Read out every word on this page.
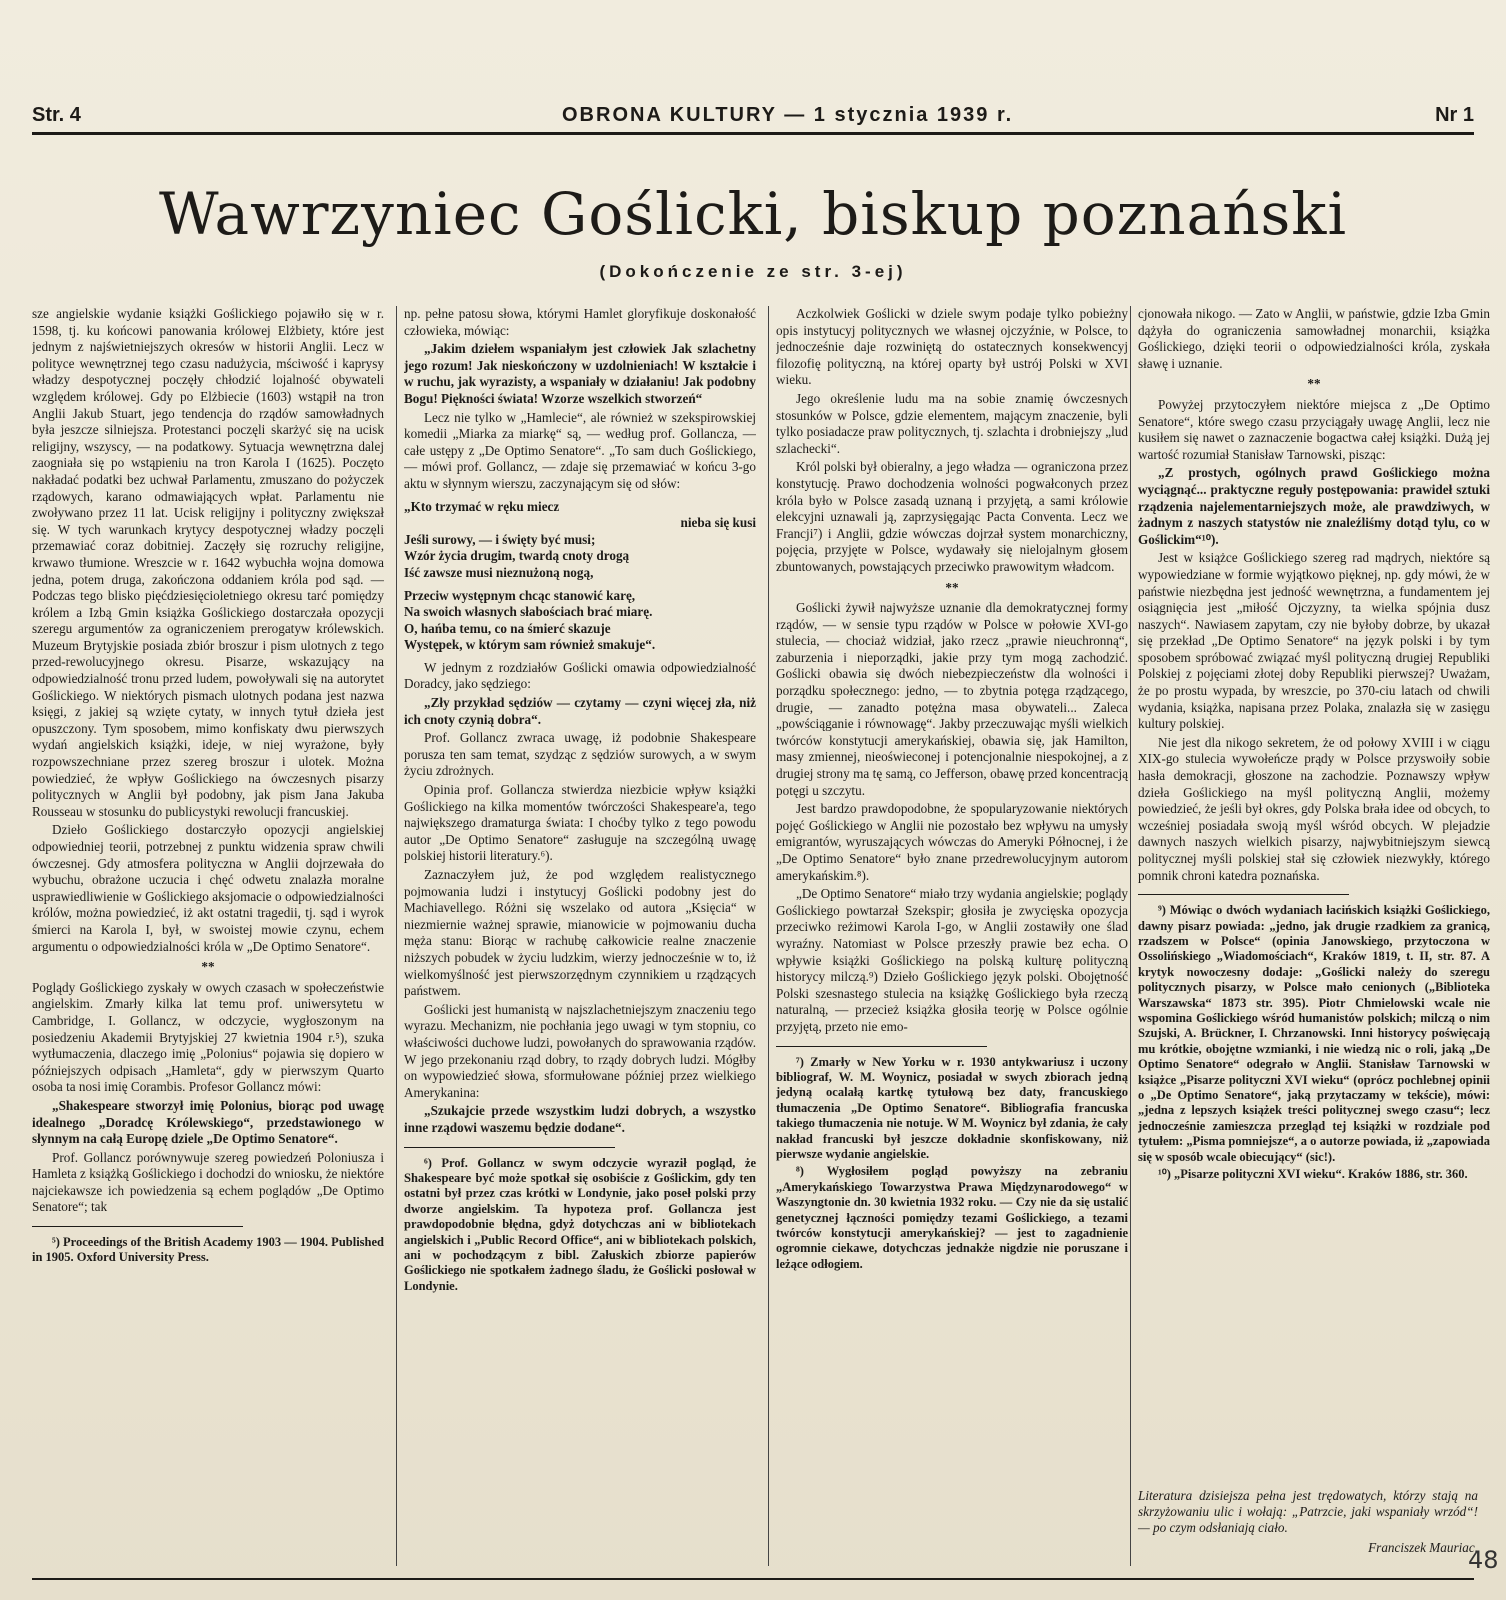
Str. 4	OBRONA KULTURY — 1 stycznia 1939 r.	Nr 1
Wawrzyniec Goślicki, biskup poznański
(Dokończenie ze str. 3-ej)

sze angielskie wydanie książki Goślickiego pojawiło się w r. 1598, tj. ku końcowi panowania królowej Elżbiety, które jest jednym z najświetniejszych okresów w historii Anglii. Lecz w polityce wewnętrznej tego czasu nadużycia, mściwość i kaprysy władzy despotycznej poczęły chłodzić lojalność obywateli względem królowej. Gdy po Elżbiecie (1603) wstąpił na tron Anglii Jakub Stuart, jego tendencja do rządów samowładnych była jeszcze silniejsza. Protestanci poczęli skarżyć się na ucisk religijny, wszyscy, — na podatkowy. Sytuacja wewnętrzna dalej zaogniała się po wstąpieniu na tron Karola I (1625). Poczęto nakładać podatki bez uchwał Parlamentu, zmuszano do pożyczek rządowych, karano odmawiających wpłat. Parlamentu nie zwoływano przez 11 lat. Ucisk religijny i polityczny zwiększał się. W tych warunkach krytycy despotycznej władzy poczęli przemawiać coraz dobitniej. Zaczęły się rozruchy religijne, krwawo tłumione. Wreszcie w r. 1642 wybuchła wojna domowa jedna, potem druga, zakończona oddaniem króla pod sąd. — Podczas tego blisko pięćdziesięcioletniego okresu tarć pomiędzy królem a Izbą Gmin książka Goślickiego dostarczała opozycji szeregu argumentów za ograniczeniem prerogatyw królewskich. Muzeum Brytyjskie posiada zbiór broszur i pism ulotnych z tego przed-rewolucyjnego okresu. Pisarze, wskazujący na odpowiedzialność tronu przed ludem, powoływali się na autorytet Goślickiego. W niektórych pismach ulotnych podana jest nazwa księgi, z jakiej są wzięte cytaty, w innych tytuł dzieła jest opuszczony. Tym sposobem, mimo konfiskaty dwu pierwszych wydań angielskich książki, ideje, w niej wyrażone, były rozpowszechniane przez szereg broszur i ulotek. Można powiedzieć, że wpływ Goślickiego na ówczesnych pisarzy politycznych w Anglii był podobny, jak pism Jana Jakuba Rousseau w stosunku do publicystyki rewolucji francuskiej.

Dzieło Goślickiego dostarczyło opozycji angielskiej odpowiedniej teorii, potrzebnej z punktu widzenia spraw chwili ówczesnej. Gdy atmosfera polityczna w Anglii dojrzewała do wybuchu, obrażone uczucia i chęć odwetu znalazła moralne usprawiedliwienie w Goślickiego aksjomacie o odpowiedzialności królów, można powiedzieć, iż akt ostatni tragedii, tj. sąd i wyrok śmierci na Karola I, był, w swoistej mowie czynu, echem argumentu o odpowiedzialności króla w „De Optimo Senatore“.

**

Poglądy Goślickiego zyskały w owych czasach w społeczeństwie angielskim. Zmarły kilka lat temu prof. uniwersytetu w Cambridge, I. Gollancz, w odczycie, wygłoszonym na posiedzeniu Akademii Brytyjskiej 27 kwietnia 1904 r.⁵), szuka wytłumaczenia, dlaczego imię „Polonius“ pojawia się dopiero w późniejszych odpisach „Hamleta“, gdy w pierwszym Quarto osoba ta nosi imię Corambis. Profesor Gollancz mówi:

„Shakespeare stworzył imię Polonius, biorąc pod uwagę idealnego „Doradcę Królewskiego“, przedstawionego w słynnym na całą Europę dziele „De Optimo Senatore“.

Prof. Gollancz porównywuje szereg powiedzeń Poloniusza i Hamleta z książką Goślickiego i dochodzi do wniosku, że niektóre najciekawsze ich powiedzenia są echem poglądów „De Optimo Senatore“; tak

⁵) Proceedings of the British Academy 1903 — 1904. Published in 1905. Oxford University Press.

np. pełne patosu słowa, którymi Hamlet gloryfikuje doskonałość człowieka, mówiąc:

„Jakim dziełem wspaniałym jest człowiek Jak szlachetny jego rozum! Jak nieskończony w uzdolnieniach! W kształcie i w ruchu, jak wyrazisty, a wspaniały w działaniu! Jak podobny Bogu! Piękności świata! Wzorze wszelkich stworzeń“

Lecz nie tylko w „Hamlecie“, ale również w szekspirowskiej komedii „Miarka za miarkę“ są, — według prof. Gollancza, — całe ustępy z „De Optimo Senatore“. „To sam duch Goślickiego, — mówi prof. Gollancz, — zdaje się przemawiać w końcu 3-go aktu w słynnym wierszu, zaczynającym się od słów:

„Kto trzymać w ręku miecz
nieba się kusi
Jeśli surowy, — i święty być musi;
Wzór życia drugim, twardą cnoty drogą
Iść zawsze musi nieznużoną nogą,
Przeciw występnym chcąc stanowić karę,
Na swoich własnych słabościach brać miarę.
O, hańba temu, co na śmierć skazuje
Występek, w którym sam również smakuje“.

W jednym z rozdziałów Goślicki omawia odpowiedzialność Doradcy, jako sędziego:

„Zły przykład sędziów — czytamy — czyni więcej zła, niż ich cnoty czynią dobra“.

Prof. Gollancz zwraca uwagę, iż podobnie Shakespeare porusza ten sam temat, szydząc z sędziów surowych, a w swym życiu zdrożnych.

Opinia prof. Gollancza stwierdza niezbicie wpływ książki Goślickiego na kilka momentów twórczości Shakespeare'a, tego największego dramaturga świata: I choćby tylko z tego powodu autor „De Optimo Senatore“ zasługuje na szczególną uwagę polskiej historii literatury.⁶).

Zaznaczyłem już, że pod względem realistycznego pojmowania ludzi i instytucyj Goślicki podobny jest do Machiavellego. Różni się wszelako od autora „Księcia“ w niezmiernie ważnej sprawie, mianowicie w pojmowaniu ducha męża stanu: Biorąc w rachubę całkowicie realne znaczenie niższych pobudek w życiu ludzkim, wierzy jednocześnie w to, iż wielkomyślność jest pierwszorzędnym czynnikiem u rządzących państwem.

Goślicki jest humanistą w najszlachetniejszym znaczeniu tego wyrazu. Mechanizm, nie pochłania jego uwagi w tym stopniu, co właściwości duchowe ludzi, powołanych do sprawowania rządów. W jego przekonaniu rząd dobry, to rządy dobrych ludzi. Mógłby on wypowiedzieć słowa, sformułowane później przez wielkiego Amerykanina:

„Szukajcie przede wszystkim ludzi dobrych, a wszystko inne rządowi waszemu będzie dodane“.

⁶) Prof. Gollancz w swym odczycie wyraził pogląd, że Shakespeare być może spotkał się osobiście z Goślickim, gdy ten ostatni był przez czas krótki w Londynie, jako poseł polski przy dworze angielskim. Ta hypoteza prof. Gollancza jest prawdopodobnie błędna, gdyż dotychczas ani w bibliotekach angielskich i „Public Record Office“, ani w bibliotekach polskich, ani w pochodzącym z bibl. Załuskich zbiorze papierów Goślickiego nie spotkałem żadnego śladu, że Goślicki posłował w Londynie.

Aczkolwiek Goślicki w dziele swym podaje tylko pobieżny opis instytucyj politycznych we własnej ojczyźnie, w Polsce, to jednocześnie daje rozwiniętą do ostatecznych konsekwencyj filozofię polityczną, na której oparty był ustrój Polski w XVI wieku.

Jego określenie ludu ma na sobie znamię ówczesnych stosunków w Polsce, gdzie elementem, mającym znaczenie, byli tylko posiadacze praw politycznych, tj. szlachta i drobniejszy „lud szlachecki“.

Król polski był obieralny, a jego władza — ograniczona przez konstytucję. Prawo dochodzenia wolności pogwałconych przez króla było w Polsce zasadą uznaną i przyjętą, a sami królowie elekcyjni uznawali ją, zaprzysięgając Pacta Conventa. Lecz we Francji⁷) i Anglii, gdzie wówczas dojrzał system monarchiczny, pojęcia, przyjęte w Polsce, wydawały się nielojalnym głosem zbuntowanych, powstających przeciwko prawowitym władcom.

**

Goślicki żywił najwyższe uznanie dla demokratycznej formy rządów, — w sensie typu rządów w Polsce w połowie XVI-go stulecia, — chociaż widział, jako rzecz „prawie nieuchronną“, zaburzenia i nieporządki, jakie przy tym mogą zachodzić. Goślicki obawia się dwóch niebezpieczeństw dla wolności i porządku społecznego: jedno, — to zbytnia potęga rządzącego, drugie, — zanadto potężna masa obywateli... Zaleca „powściąganie i równowagę“. Jakby przeczuwając myśli wielkich twórców konstytucji amerykańskiej, obawia się, jak Hamilton, masy zmiennej, nieoświeconej i potencjonalnie niespokojnej, a z drugiej strony ma tę samą, co Jefferson, obawę przed koncentracją potęgi u szczytu.

Jest bardzo prawdopodobne, że spopularyzowanie niektórych pojęć Goślickiego w Anglii nie pozostało bez wpływu na umysły emigrantów, wyruszających wówczas do Ameryki Północnej, i że „De Optimo Senatore“ było znane przedrewolucyjnym autorom amerykańskim.⁸).

„De Optimo Senatore“ miało trzy wydania angielskie; poglądy Goślickiego powtarzał Szekspir; głosiła je zwycięska opozycja przeciwko reżimowi Karola I-go, w Anglii zostawiły one ślad wyraźny. Natomiast w Polsce przeszły prawie bez echa. O wpływie książki Goślickiego na polską kulturę polityczną historycy milczą.⁹) Dzieło Goślickiego język polski. Obojętność Polski szesnastego stulecia na książkę Goślickiego była rzeczą naturalną, — przecież książka głosiła teorję w Polsce ogólnie przyjętą, przeto nie emo-

⁷) Zmarły w New Yorku w r. 1930 antykwariusz i uczony bibliograf, W. M. Woynicz, posiadał w swych zbiorach jedną jedyną ocalałą kartkę tytułową bez daty, francuskiego tłumaczenia „De Optimo Senatore“. Bibliografia francuska takiego tłumaczenia nie notuje. W M. Woynicz był zdania, że cały nakład francuski był jeszcze dokładnie skonfiskowany, niż pierwsze wydanie angielskie.

⁸) Wygłosiłem pogląd powyższy na zebraniu „Amerykańskiego Towarzystwa Prawa Międzynarodowego“ w Waszyngtonie dn. 30 kwietnia 1932 roku. — Czy nie da się ustalić genetycznej łączności pomiędzy tezami Goślickiego, a tezami twórców konstytucji amerykańskiej? — jest to zagadnienie ogromnie ciekawe, dotychczas jednakże nigdzie nie poruszane i leżące odłogiem.

cjonowała nikogo. — Zato w Anglii, w państwie, gdzie Izba Gmin dążyła do ograniczenia samowładnej monarchii, książka Goślickiego, dzięki teorii o odpowiedzialności króla, zyskała sławę i uznanie.

**

Powyżej przytoczyłem niektóre miejsca z „De Optimo Senatore“, które swego czasu przyciągały uwagę Anglii, lecz nie kusiłem się nawet o zaznaczenie bogactwa całej książki. Dużą jej wartość rozumiał Stanisław Tarnowski, pisząc:

„Z prostych, ogólnych prawd Goślickiego można wyciągnąć... praktyczne reguły postępowania: prawideł sztuki rządzenia najelementarniejszych może, ale prawdziwych, w żadnym z naszych statystów nie znaleźliśmy dotąd tylu, co w Goślickim“¹⁰).

Jest w książce Goślickiego szereg rad mądrych, niektóre są wypowiedziane w formie wyjątkowo pięknej, np. gdy mówi, że w państwie niezbędna jest jedność wewnętrzna, a fundamentem jej osiągnięcia jest „miłość Ojczyzny, ta wielka spójnia dusz naszych“. Nawiasem zapytam, czy nie byłoby dobrze, by ukazał się przekład „De Optimo Senatore“ na język polski i by tym sposobem spróbować związać myśl polityczną drugiej Republiki Polskiej z pojęciami złotej doby Republiki pierwszej? Uważam, że po prostu wypada, by wreszcie, po 370-ciu latach od chwili wydania, książka, napisana przez Polaka, znalazła się w zasięgu kultury polskiej.

Nie jest dla nikogo sekretem, że od połowy XVIII i w ciągu XIX-go stulecia wywołeńcze prądy w Polsce przyswoiły sobie hasła demokracji, głoszone na zachodzie. Poznawszy wpływ dzieła Goślickiego na myśl polityczną Anglii, możemy powiedzieć, że jeśli był okres, gdy Polska brała idee od obcych, to wcześniej posiadała swoją myśl wśród obcych. W plejadzie dawnych naszych wielkich pisarzy, najwybitniejszym siewcą politycznej myśli polskiej stał się człowiek niezwykły, którego pomnik chroni katedra poznańska.

⁹) Mówiąc o dwóch wydaniach łacińskich książki Goślickiego, dawny pisarz powiada: „jedno, jak drugie rzadkiem za granicą, rzadszem w Polsce“ (opinia Janowskiego, przytoczona w Ossolińskiego „Wiadomościach“, Kraków 1819, t. II, str. 87. A krytyk nowoczesny dodaje: „Goślicki należy do szeregu politycznych pisarzy, w Polsce mało cenionych („Biblioteka Warszawska“ 1873 str. 395). Piotr Chmielowski wcale nie wspomina Goślickiego wśród humanistów polskich; milczą o nim Szujski, A. Brückner, I. Chrzanowski. Inni historycy poświęcają mu krótkie, obojętne wzmianki, i nie wiedzą nic o roli, jaką „De Optimo Senatore“ odegrało w Anglii. Stanisław Tarnowski w książce „Pisarze polityczni XVI wieku“ (oprócz pochlebnej opinii o „De Optimo Senatore“, jaką przytaczamy w tekście), mówi: „jedna z lepszych książek treści politycznej swego czasu“; lecz jednocześnie zamieszcza przegląd tej książki w rozdziale pod tytułem: „Pisma pomniejsze“, a o autorze powiada, iż „zapowiada się w sposób wcale obiecujący“ (sic!).

¹⁰) „Pisarze polityczni XVI wieku“. Kraków 1886, str. 360.

Literatura dzisiejsza pełna jest trędowatych, którzy stają na skrzyżowaniu ulic i wołają: „Patrzcie, jaki wspaniały wrzód“! — po czym odsłaniają ciało.

Franciszek Mauriac.

48
